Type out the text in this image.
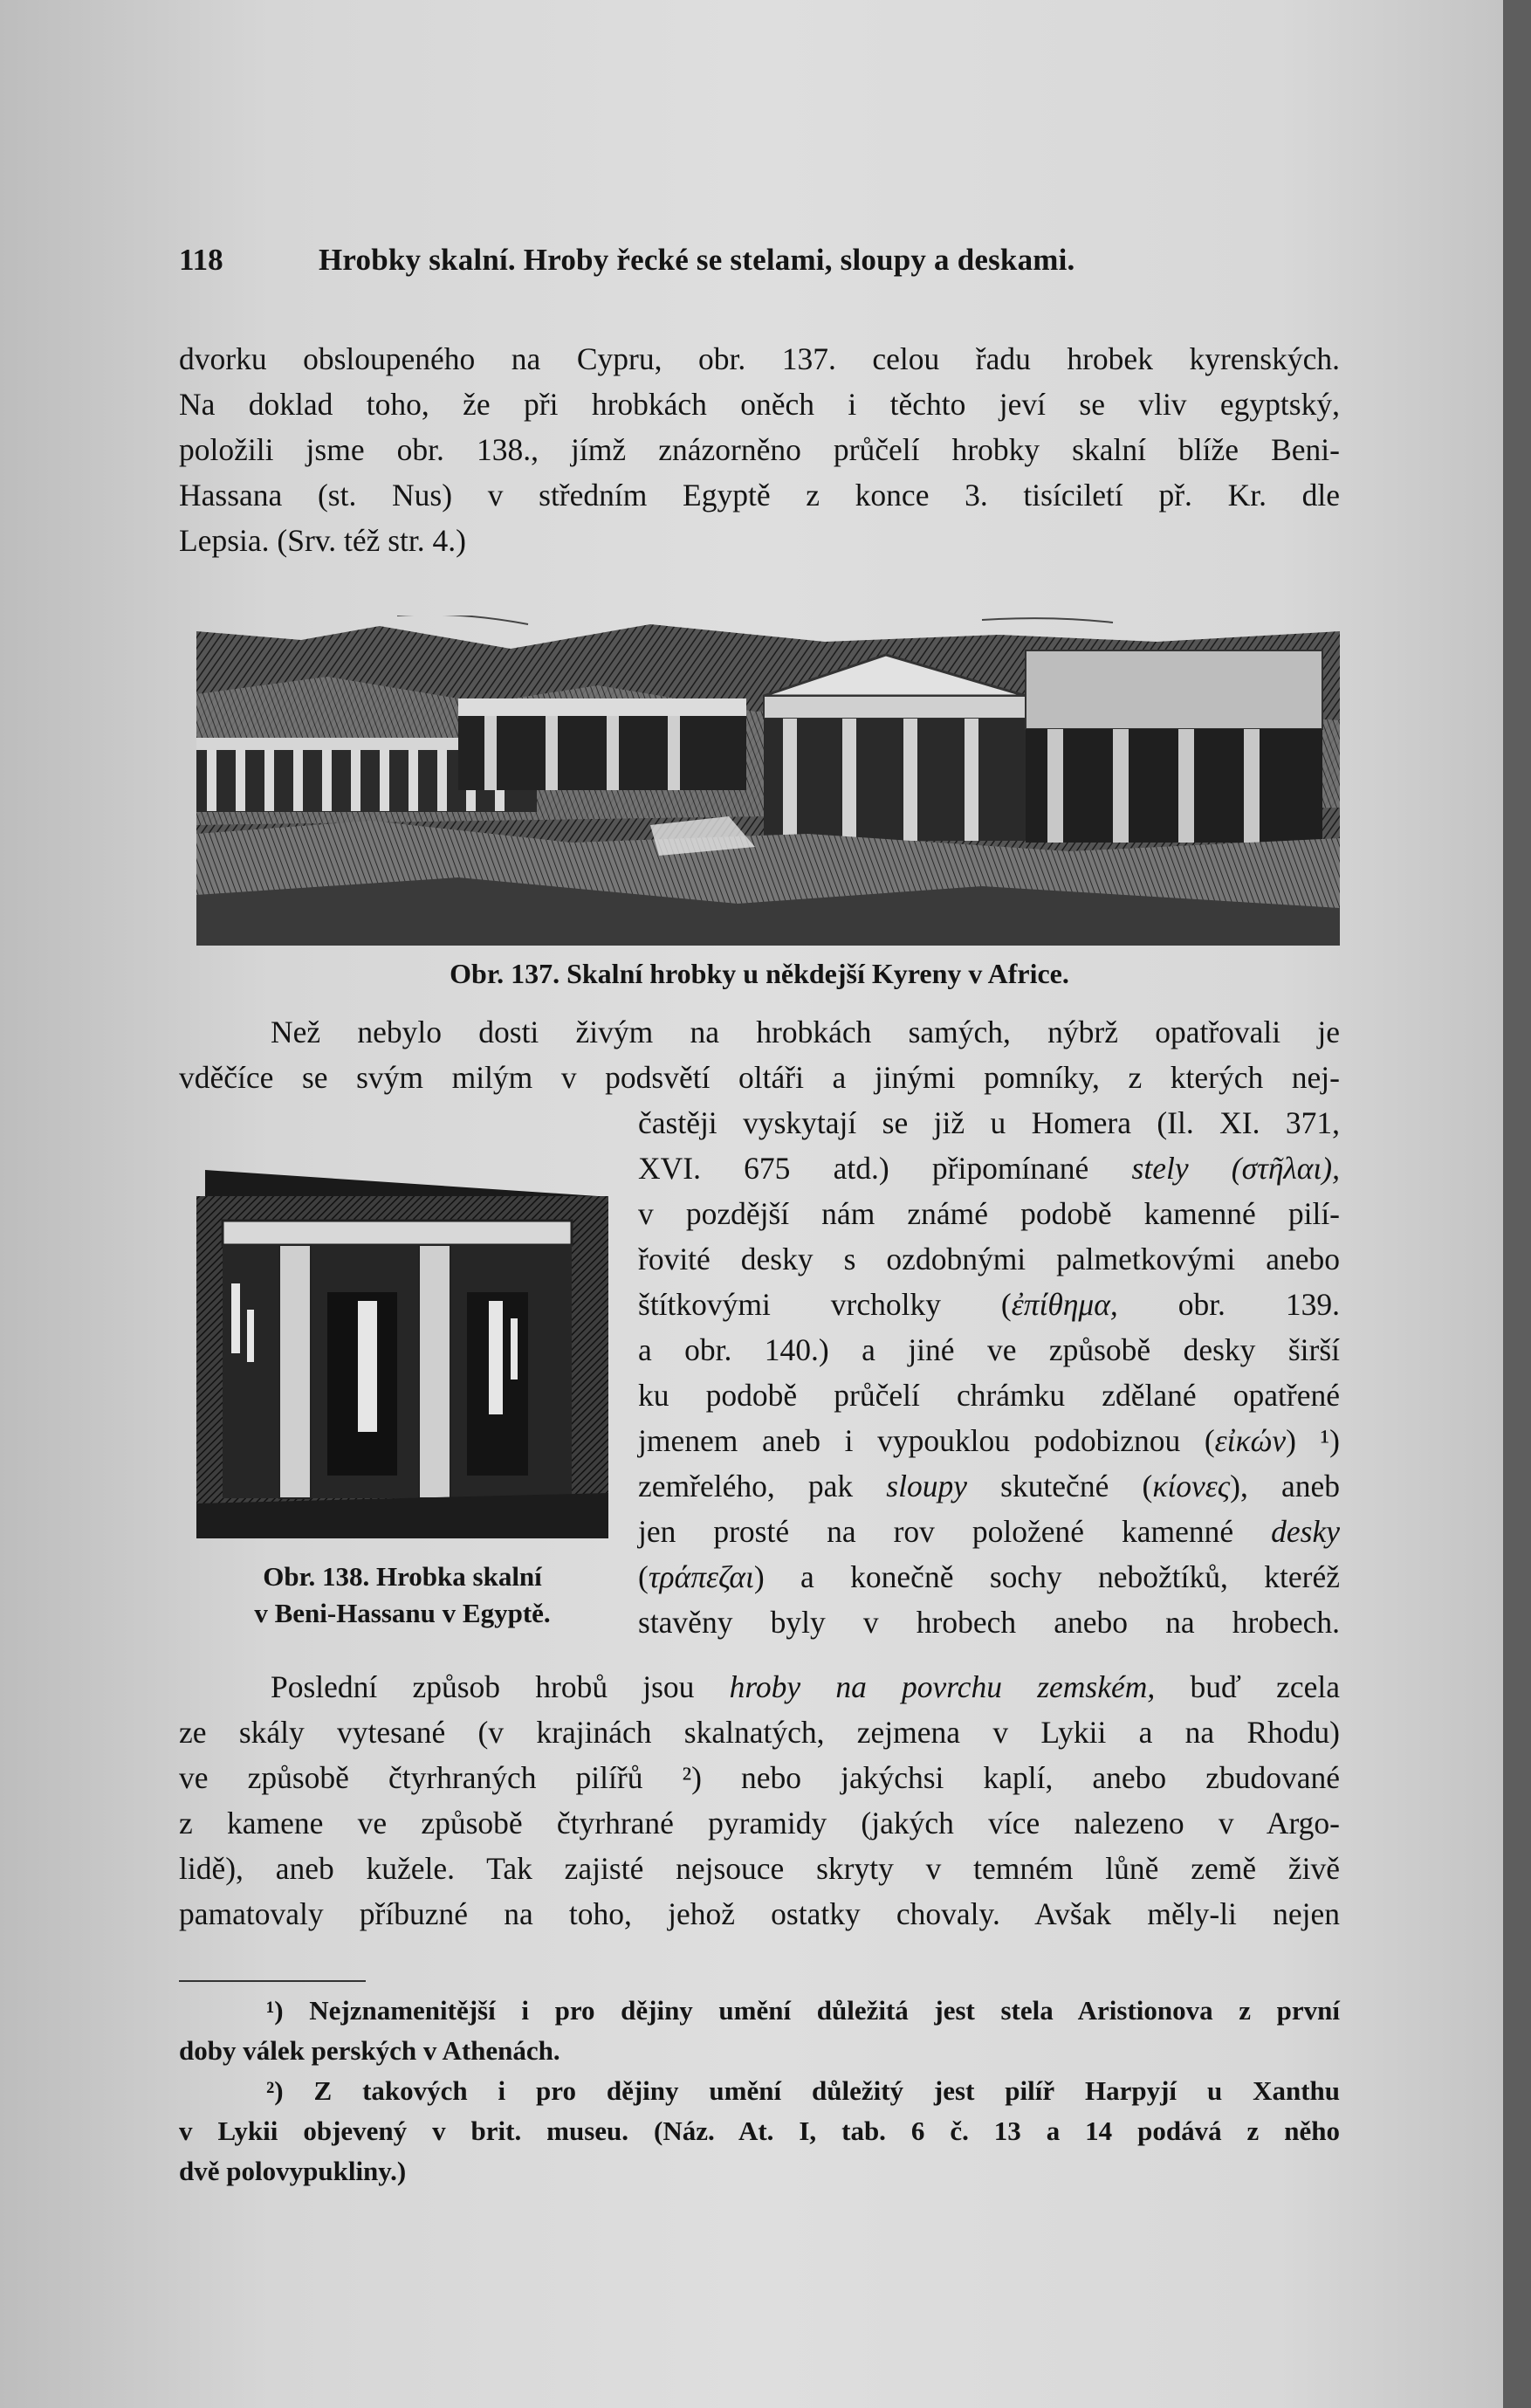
118	Hrobky skalní. Hroby řecké se stelami, sloupy a deskami.

dvorku obsloupeného na Cypru, obr. 137. celou řadu hrobek kyrenských.

Na doklad toho, že při hrobkách oněch i těchto jeví se vliv egyptský,

položili jsme obr. 138., jímž znázorněno průčelí hrobky skalní blíže Beni-

Hassana (st. Nus) v středním Egyptě z konce 3. tisíciletí př. Kr. dle

Lepsia. (Srv. též str. 4.)

Obr. 137. Skalní hrobky u někdejší Kyreny v Africe.

Než nebylo dosti živým na hrobkách samých, nýbrž opatřovali je

vděčíce se svým milým v podsvětí oltáři a jinými pomníky, z kterých nej-

častěji vyskytají se již u Homera (Il. XI. 371,

XVI. 675 atd.) připomínané stely (στῆλαι),

v pozdější nám známé podobě kamenné pilí-

řovité desky s ozdobnými palmetkovými anebo

štítkovými vrcholky (ἐπίθημα, obr. 139.

a obr. 140.) a jiné ve způsobě desky širší

ku podobě průčelí chrámku zdělané opatřené

jmenem aneb i vypouklou podobiznou (εἰκών) ¹)

zemřelého, pak sloupy skutečné (κίονες), aneb

jen prosté na rov položené kamenné desky

(τράπεζαι) a konečně sochy nebožtíků, kteréž

stavěny byly v hrobech anebo na hrobech.

Obr. 138. Hrobka skalní
v Beni-Hassanu v Egyptě.

Poslední způsob hrobů jsou hroby na povrchu zemském, buď zcela

ze skály vytesané (v krajinách skalnatých, zejmena v Lykii a na Rhodu)

ve způsobě čtyrhraných pilířů ²) nebo jakýchsi kaplí, anebo zbudované

z kamene ve způsobě čtyrhrané pyramidy (jakých více nalezeno v Argo-

lidě), aneb kužele. Tak zajisté nejsouce skryty v temném lůně země živě

pamatovaly příbuzné na toho, jehož ostatky chovaly. Avšak měly-li nejen

¹) Nejznamenitější i pro dějiny umění důležitá jest stela Aristionova z první

doby válek perských v Athenách.

²) Z takových i pro dějiny umění důležitý jest pilíř Harpyjí u Xanthu

v Lykii objevený v brit. museu. (Náz. At. I, tab. 6 č. 13 a 14 podává z něho

dvě polovypukliny.)
